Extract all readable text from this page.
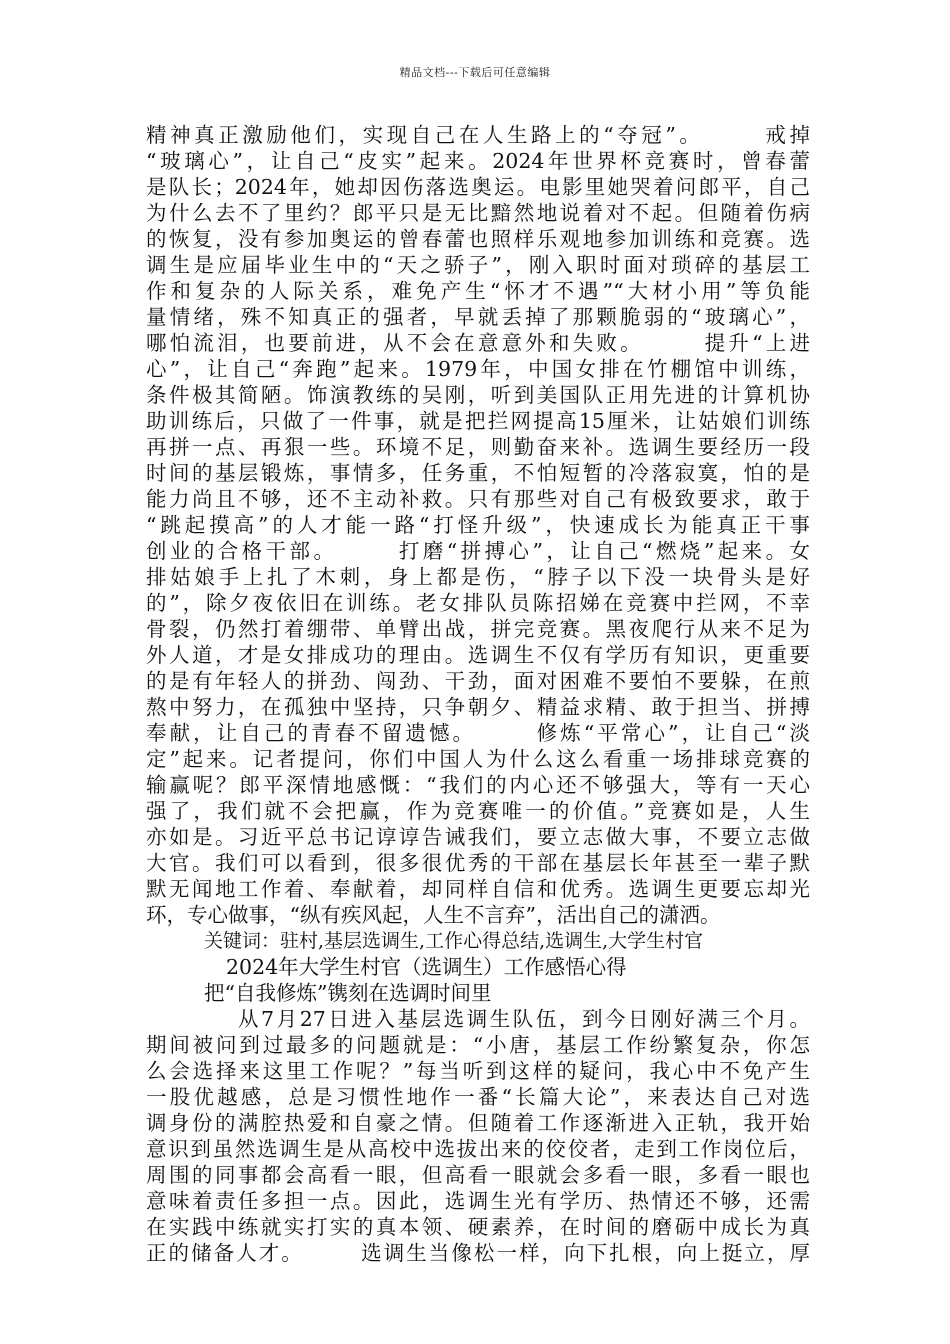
精品文档---下载后可任意编辑
精神真正激励他们，实现自己在人生路上的“夺冠”。　　　戒掉
“玻璃心”，让自己“皮实”起来。2024年世界杯竞赛时，曾春蕾
是队长；2024年，她却因伤落选奥运。电影里她哭着问郎平，自己
为什么去不了里约？郎平只是无比黯然地说着对不起。但随着伤病
的恢复，没有参加奥运的曾春蕾也照样乐观地参加训练和竞赛。选
调生是应届毕业生中的“天之骄子”，刚入职时面对琐碎的基层工
作和复杂的人际关系，难免产生“怀才不遇”“大材小用”等负能
量情绪，殊不知真正的强者，早就丢掉了那颗脆弱的“玻璃心”，
哪怕流泪，也要前进，从不会在意意外和失败。　　　提升“上进
心”，让自己“奔跑”起来。1979年，中国女排在竹棚馆中训练，
条件极其简陋。饰演教练的吴刚，听到美国队正用先进的计算机协
助训练后，只做了一件事，就是把拦网提高15厘米，让姑娘们训练
再拼一点、再狠一些。环境不足，则勤奋来补。选调生要经历一段
时间的基层锻炼，事情多，任务重，不怕短暂的冷落寂寞，怕的是
能力尚且不够，还不主动补救。只有那些对自己有极致要求，敢于
“跳起摸高”的人才能一路“打怪升级”，快速成长为能真正干事
创业的合格干部。　　　打磨“拼搏心”，让自己“燃烧”起来。女
排姑娘手上扎了木刺，身上都是伤，“脖子以下没一块骨头是好
的”，除夕夜依旧在训练。老女排队员陈招娣在竞赛中拦网，不幸
骨裂，仍然打着绷带、单臂出战，拼完竞赛。黑夜爬行从来不足为
外人道，才是女排成功的理由。选调生不仅有学历有知识，更重要
的是有年轻人的拼劲、闯劲、干劲，面对困难不要怕不要躲，在煎
熬中努力，在孤独中坚持，只争朝夕、精益求精、敢于担当、拼搏
奉献，让自己的青春不留遗憾。　　　修炼“平常心”，让自己“淡
定”起来。记者提问，你们中国人为什么这么看重一场排球竞赛的
输赢呢？郎平深情地感慨：“我们的内心还不够强大，等有一天心
强了，我们就不会把赢，作为竞赛唯一的价值。”竞赛如是，人生
亦如是。习近平总书记谆谆告诫我们，要立志做大事，不要立志做
大官。我们可以看到，很多很优秀的干部在基层长年甚至一辈子默
默无闻地工作着、奉献着，却同样自信和优秀。选调生更要忘却光
环，专心做事，“纵有疾风起，人生不言弃”，活出自己的潇洒。
关键词：驻村,基层选调生,工作心得总结,选调生,大学生村官
2024年大学生村官（选调生）工作感悟心得
把“自我修炼”镌刻在选调时间里
从7月27日进入基层选调生队伍，到今日刚好满三个月。
期间被问到过最多的问题就是：“小唐，基层工作纷繁复杂，你怎
么会选择来这里工作呢？”每当听到这样的疑问，我心中不免产生
一股优越感，总是习惯性地作一番“长篇大论”，来表达自己对选
调身份的满腔热爱和自豪之情。但随着工作逐渐进入正轨，我开始
意识到虽然选调生是从高校中选拔出来的佼佼者，走到工作岗位后，
周围的同事都会高看一眼，但高看一眼就会多看一眼，多看一眼也
意味着责任多担一点。因此，选调生光有学历、热情还不够，还需
在实践中练就实打实的真本领、硬素养，在时间的磨砺中成长为真
正的储备人才。　　　选调生当像松一样，向下扎根，向上挺立，厚
